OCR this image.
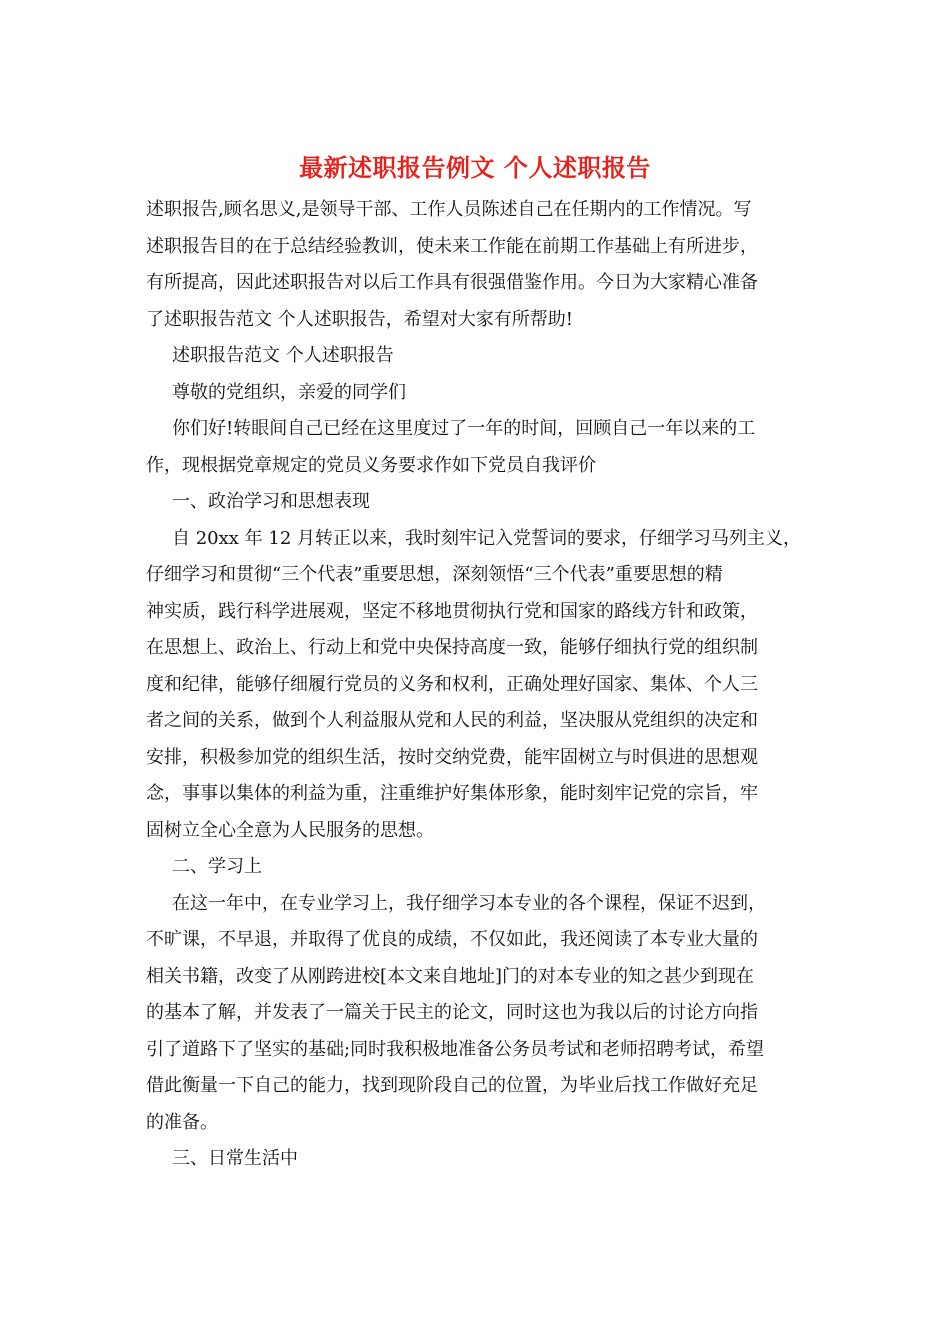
最新述职报告例文 个人述职报告
述职报告,顾名思义,是领导干部、工作人员陈述自己在任期内的工作情况。写
述职报告目的在于总结经验教训，使未来工作能在前期工作基础上有所进步，
有所提高，因此述职报告对以后工作具有很强借鉴作用。今日为大家精心准备
了述职报告范文 个人述职报告，希望对大家有所帮助!
述职报告范文 个人述职报告
尊敬的党组织，亲爱的同学们
你们好!转眼间自己已经在这里度过了一年的时间，回顾自己一年以来的工
作，现根据党章规定的党员义务要求作如下党员自我评价
一、政治学习和思想表现
自 20xx 年 12 月转正以来，我时刻牢记入党誓词的要求，仔细学习马列主义，
仔细学习和贯彻“三个代表”重要思想，深刻领悟“三个代表”重要思想的精
神实质，践行科学进展观，坚定不移地贯彻执行党和国家的路线方针和政策，
在思想上、政治上、行动上和党中央保持高度一致，能够仔细执行党的组织制
度和纪律，能够仔细履行党员的义务和权利，正确处理好国家、集体、个人三
者之间的关系，做到个人利益服从党和人民的利益，坚决服从党组织的决定和
安排，积极参加党的组织生活，按时交纳党费，能牢固树立与时俱进的思想观
念，事事以集体的利益为重，注重维护好集体形象，能时刻牢记党的宗旨，牢
固树立全心全意为人民服务的思想。
二、学习上
在这一年中，在专业学习上，我仔细学习本专业的各个课程，保证不迟到，
不旷课，不早退，并取得了优良的成绩，不仅如此，我还阅读了本专业大量的
相关书籍，改变了从刚跨进校[本文来自地址]门的对本专业的知之甚少到现在
的基本了解，并发表了一篇关于民主的论文，同时这也为我以后的讨论方向指
引了道路下了坚实的基础;同时我积极地准备公务员考试和老师招聘考试，希望
借此衡量一下自己的能力，找到现阶段自己的位置，为毕业后找工作做好充足
的准备。
三、日常生活中
